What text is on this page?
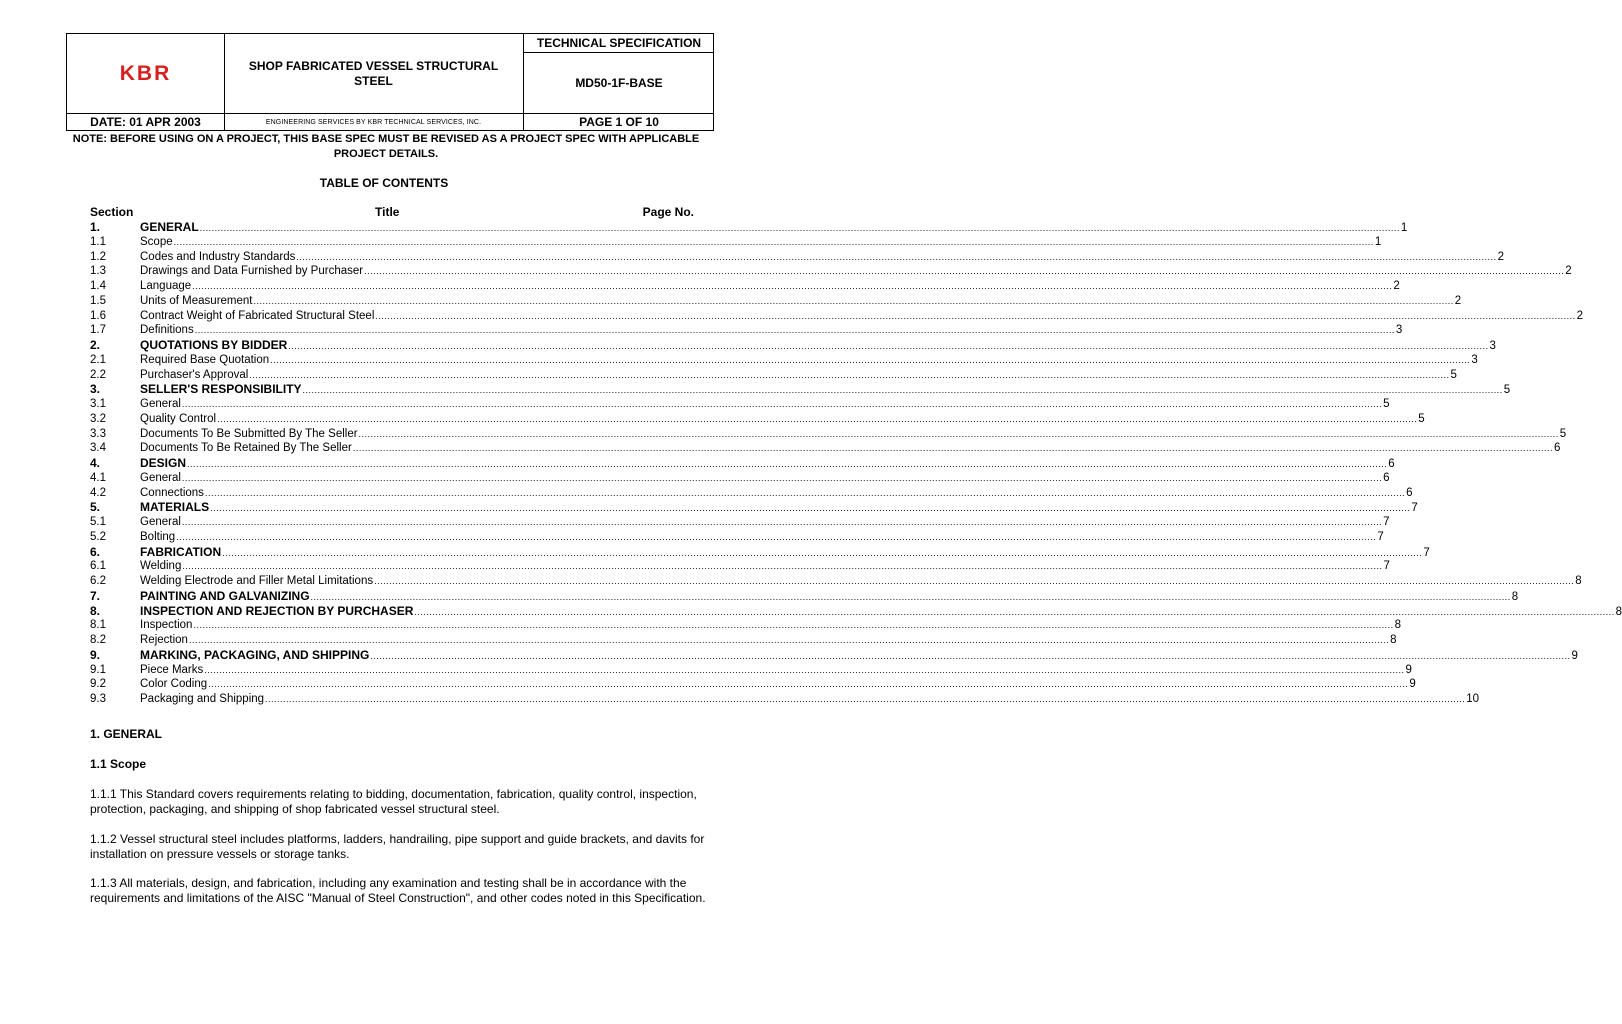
KBR	SHOP FABRICATED VESSEL STRUCTURAL STEEL
TECHNICAL SPECIFICATION
MD50-1F-BASE
DATE: 01 APR 2003	ENGINEERING SERVICES BY KBR TECHNICAL SERVICES, INC.	PAGE 1 OF 10
NOTE: BEFORE USING ON A PROJECT, THIS BASE SPEC MUST BE REVISED AS A PROJECT SPEC WITH APPLICABLE PROJECT DETAILS.
TABLE OF CONTENTS
Section	Title	Page No.
1.	GENERAL ................................................................................................................................................................................................................................................................................................................................................................................................................ 1
1.1	Scope ................................................................................................................................................................................................................................................................................................................................................................................................................ 1
1.2	Codes and Industry Standards ................................................................................................................................................................................................................................................................................................................................................................................................................ 2
1.3	Drawings and Data Furnished by Purchaser ................................................................................................................................................................................................................................................................................................................................................................................................................ 2
1.4	Language ................................................................................................................................................................................................................................................................................................................................................................................................................ 2
1.5	Units of Measurement ................................................................................................................................................................................................................................................................................................................................................................................................................ 2
1.6	Contract Weight of Fabricated Structural Steel ................................................................................................................................................................................................................................................................................................................................................................................................................ 2
1.7	Definitions ................................................................................................................................................................................................................................................................................................................................................................................................................ 3
2.	QUOTATIONS BY BIDDER ................................................................................................................................................................................................................................................................................................................................................................................................................ 3
2.1	Required Base Quotation ................................................................................................................................................................................................................................................................................................................................................................................................................ 3
2.2	Purchaser's Approval ................................................................................................................................................................................................................................................................................................................................................................................................................ 5
3.	SELLER'S RESPONSIBILITY ................................................................................................................................................................................................................................................................................................................................................................................................................ 5
3.1	General ................................................................................................................................................................................................................................................................................................................................................................................................................ 5
3.2	Quality Control ................................................................................................................................................................................................................................................................................................................................................................................................................ 5
3.3	Documents To Be Submitted By The Seller ................................................................................................................................................................................................................................................................................................................................................................................................................ 5
3.4	Documents To Be Retained By The Seller ................................................................................................................................................................................................................................................................................................................................................................................................................ 6
4.	DESIGN ................................................................................................................................................................................................................................................................................................................................................................................................................ 6
4.1	General ................................................................................................................................................................................................................................................................................................................................................................................................................ 6
4.2	Connections ................................................................................................................................................................................................................................................................................................................................................................................................................ 6
5.	MATERIALS ................................................................................................................................................................................................................................................................................................................................................................................................................ 7
5.1	General ................................................................................................................................................................................................................................................................................................................................................................................................................ 7
5.2	Bolting ................................................................................................................................................................................................................................................................................................................................................................................................................ 7
6.	FABRICATION ................................................................................................................................................................................................................................................................................................................................................................................................................ 7
6.1	Welding ................................................................................................................................................................................................................................................................................................................................................................................................................ 7
6.2	Welding Electrode and Filler Metal Limitations ................................................................................................................................................................................................................................................................................................................................................................................................................ 8
7.	PAINTING AND GALVANIZING ................................................................................................................................................................................................................................................................................................................................................................................................................ 8
8.	INSPECTION AND REJECTION BY PURCHASER ................................................................................................................................................................................................................................................................................................................................................................................................................ 8
8.1	Inspection ................................................................................................................................................................................................................................................................................................................................................................................................................ 8
8.2	Rejection ................................................................................................................................................................................................................................................................................................................................................................................................................ 8
9.	MARKING, PACKAGING, AND SHIPPING ................................................................................................................................................................................................................................................................................................................................................................................................................ 9
9.1	Piece Marks ................................................................................................................................................................................................................................................................................................................................................................................................................ 9
9.2	Color Coding ................................................................................................................................................................................................................................................................................................................................................................................................................ 9
9.3	Packaging and Shipping ................................................................................................................................................................................................................................................................................................................................................................................................................ 10
1. GENERAL
1.1 Scope
1.1.1 This Standard covers requirements relating to bidding, documentation, fabrication, quality control, inspection, protection, packaging, and shipping of shop fabricated vessel structural steel.
1.1.2 Vessel structural steel includes platforms, ladders, handrailing, pipe support and guide brackets, and davits for installation on pressure vessels or storage tanks.
1.1.3 All materials, design, and fabrication, including any examination and testing shall be in accordance with the requirements and limitations of the AISC "Manual of Steel Construction", and other codes noted in this Specification.
